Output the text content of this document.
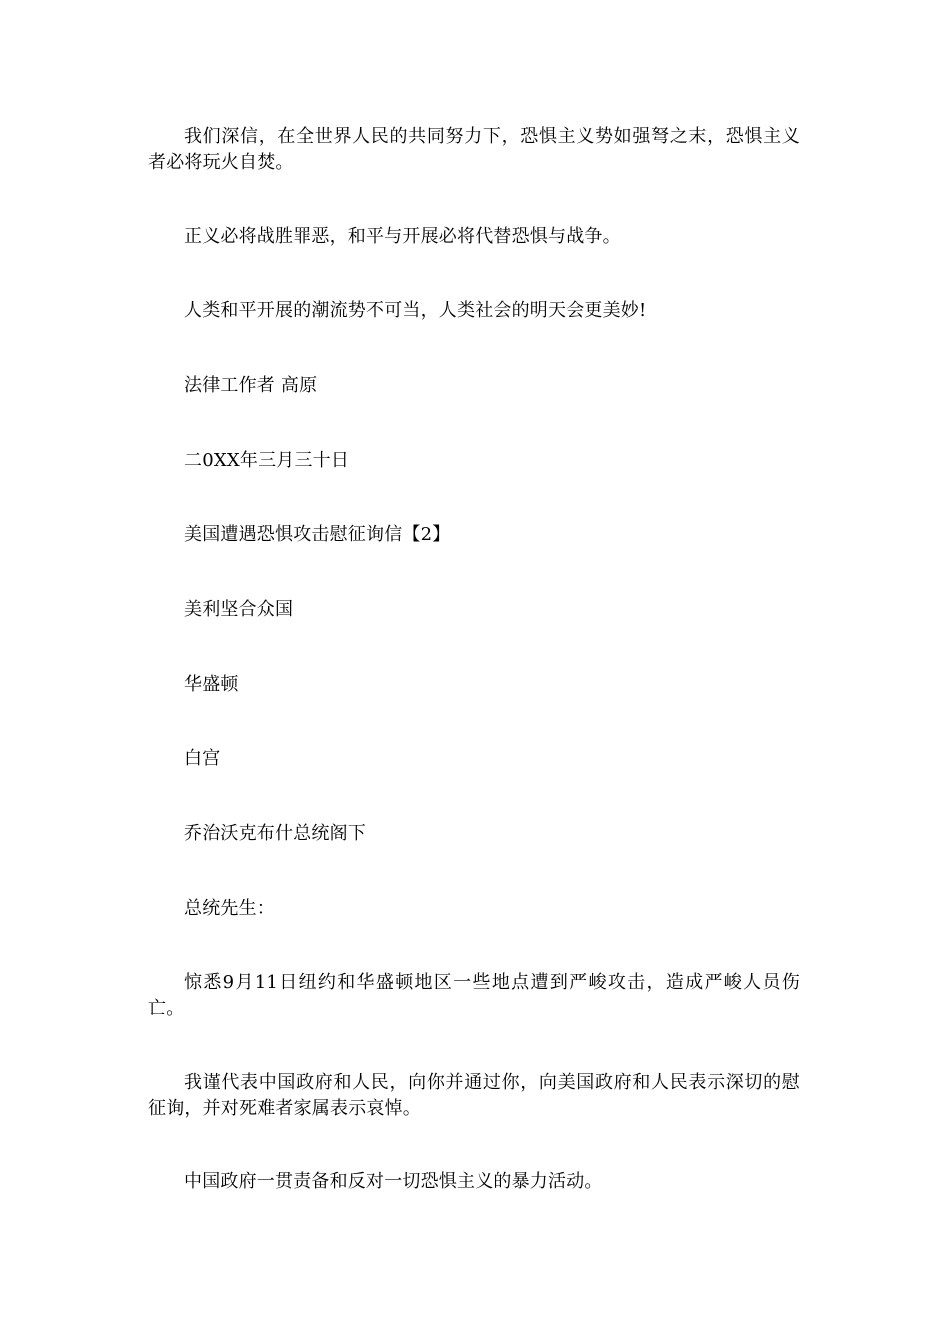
我们深信，在全世界人民的共同努力下，恐惧主义势如强弩之末，恐惧主义者必将玩火自焚。

正义必将战胜罪恶，和平与开展必将代替恐惧与战争。

人类和平开展的潮流势不可当，人类社会的明天会更美妙!

法律工作者 高原

二0XX年三月三十日

美国遭遇恐惧攻击慰征询信【2】

美利坚合众国

华盛顿

白宫

乔治沃克布什总统阁下

总统先生：

惊悉9月11日纽约和华盛顿地区一些地点遭到严峻攻击，造成严峻人员伤亡。

我谨代表中国政府和人民，向你并通过你，向美国政府和人民表示深切的慰征询，并对死难者家属表示哀悼。

中国政府一贯责备和反对一切恐惧主义的暴力活动。
